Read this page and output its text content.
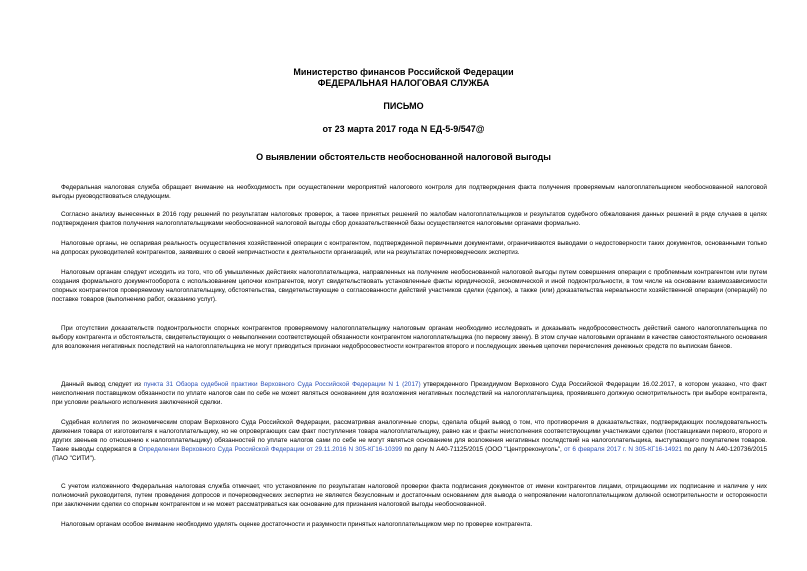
Министерство финансов Российской Федерации
ФЕДЕРАЛЬНАЯ НАЛОГОВАЯ СЛУЖБА
ПИСЬМО
от 23 марта 2017 года N ЕД-5-9/547@
О выявлении обстоятельств необоснованной налоговой выгоды

Федеральная налоговая служба обращает внимание на необходимость при осуществлении мероприятий налогового контроля для подтверждения факта получения проверяемым налогоплательщиком необоснованной налоговой выгоды руководствоваться следующим.

Согласно анализу вынесенных в 2016 году решений по результатам налоговых проверок, а также принятых решений по жалобам налогоплательщиков и результатов судебного обжалования данных решений в ряде случаев в целях подтверждения фактов получения налогоплательщиками необоснованной налоговой выгоды сбор доказательственной базы осуществляется налоговыми органами формально.

Налоговые органы, не оспаривая реальность осуществления хозяйственной операции с контрагентом, подтвержденной первичными документами, ограничиваются выводами о недостоверности таких документов, основанными только на допросах руководителей контрагентов, заявивших о своей непричастности к деятельности организаций, или на результатах почерковедческих экспертиз.

Налоговым органам следует исходить из того, что об умышленных действиях налогоплательщика, направленных на получение необоснованной налоговой выгоды путем совершения операции с проблемным контрагентом или путем создания формального документооборота с использованием цепочки контрагентов, могут свидетельствовать установленные факты юридической, экономической и иной подконтрольности, в том числе на основании взаимозависимости спорных контрагентов проверяемому налогоплательщику, обстоятельства, свидетельствующие о согласованности действий участников сделки (сделок), а также (или) доказательства нереальности хозяйственной операции (операций) по поставке товаров (выполнению работ, оказанию услуг).

При отсутствии доказательств подконтрольности спорных контрагентов проверяемому налогоплательщику налоговым органам необходимо исследовать и доказывать недобросовестность действий самого налогоплательщика по выбору контрагента и обстоятельств, свидетельствующих о невыполнении соответствующей обязанности контрагентом налогоплательщика (по первому звену). В этом случае налоговыми органами в качестве самостоятельного основания для возложения негативных последствий на налогоплательщика не могут приводиться признаки недобросовестности контрагентов второго и последующих звеньев цепочки перечисления денежных средств по выпискам банков.

Данный вывод следует из пункта 31 Обзора судебной практики Верховного Суда Российской Федерации N 1 (2017) утвержденного Президиумом Верховного Суда Российской Федерации 16.02.2017, в котором указано, что факт неисполнения поставщиком обязанности по уплате налогов сам по себе не может являться основанием для возложения негативных последствий на налогоплательщика, проявившего должную осмотрительность при выборе контрагента, при условии реального исполнения заключенной сделки.

Судебная коллегия по экономическим спорам Верховного Суда Российской Федерации, рассматривая аналогичные споры, сделала общий вывод о том, что противоречия в доказательствах, подтверждающих последовательность движения товара от изготовителя к налогоплательщику, но не опровергающих сам факт поступления товара налогоплательщику, равно как и факты неисполнения соответствующими участниками сделки (поставщиками первого, второго и других звеньев по отношению к налогоплательщику) обязанностей по уплате налогов сами по себе не могут являться основанием для возложения негативных последствий на налогоплательщика, выступающего покупателем товаров. Такие выводы содержатся в Определении Верховного Суда Российской Федерации от 29.11.2016 N 305-КГ16-10399 по делу N А40-71125/2015 (ООО "Центрреконуголь", от 6 февраля 2017 г. N 305-КГ16-14921 по делу N А40-120736/2015 (ПАО "СИТИ").

С учетом изложенного Федеральная налоговая служба отмечает, что установление по результатам налоговой проверки факта подписания документов от имени контрагентов лицами, отрицающими их подписание и наличие у них полномочий руководителя, путем проведения допросов и почерковедческих экспертиз не является безусловным и достаточным основанием для вывода о непроявлении налогоплательщиком должной осмотрительности и осторожности при заключении сделки со спорным контрагентом и не может рассматриваться как основание для признания налоговой выгоды необоснованной.

Налоговым органам особое внимание необходимо уделять оценке достаточности и разумности принятых налогоплательщиком мер по проверке контрагента.
